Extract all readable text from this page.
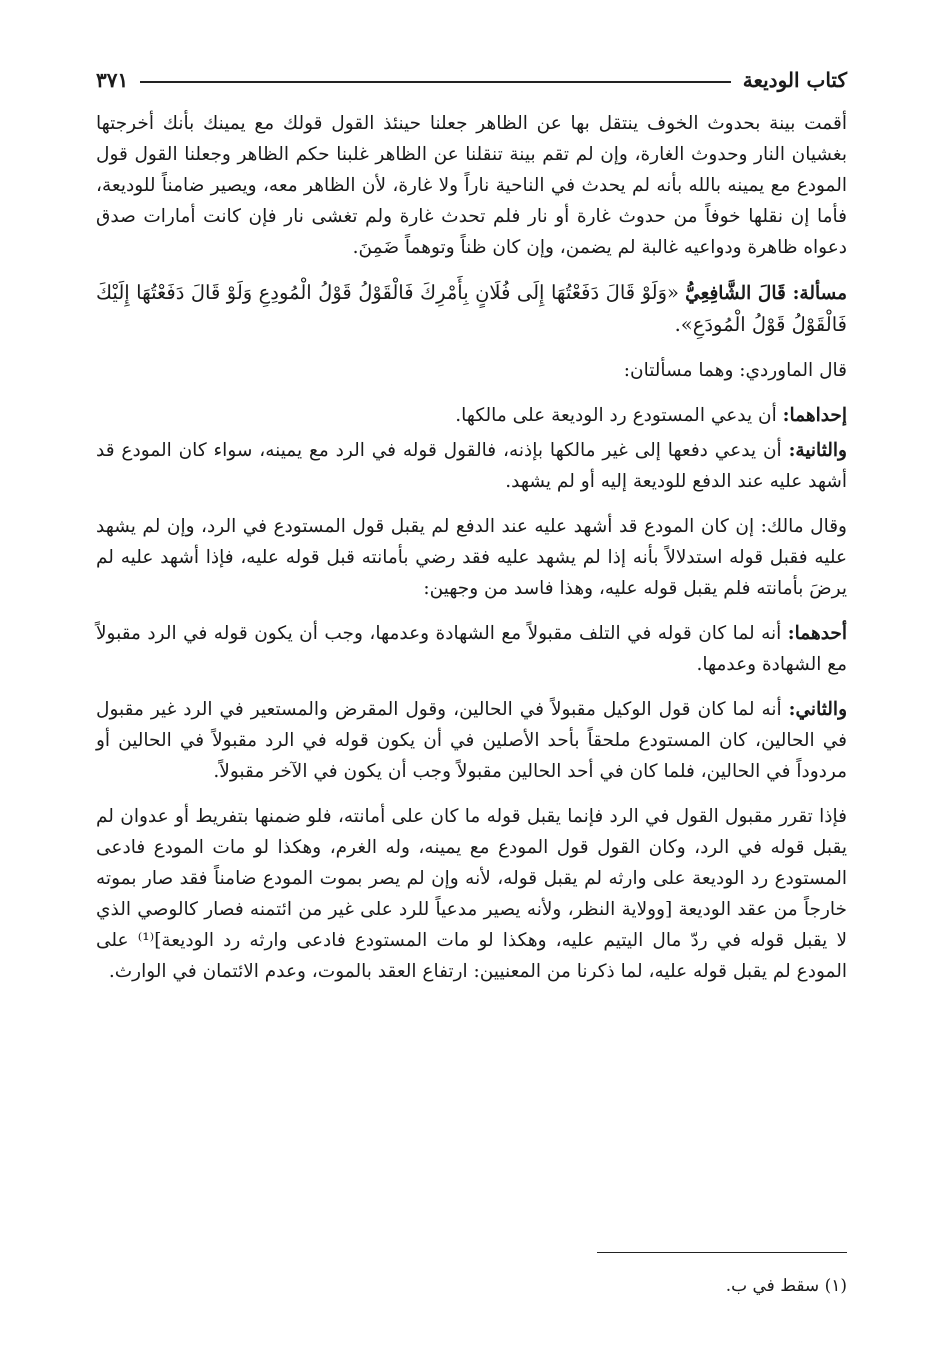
كتاب الوديعة
٣٧١

أقمت بينة بحدوث الخوف ينتقل بها عن الظاهر جعلنا حينئذ القول قولك مع يمينك بأنك أخرجتها بغشيان النار وحدوث الغارة، وإن لم تقم بينة تنقلنا عن الظاهر غلبنا حكم الظاهر وجعلنا القول قول المودع مع يمينه بالله بأنه لم يحدث في الناحية ناراً ولا غارة، لأن الظاهر معه، ويصير ضامناً للوديعة، فأما إن نقلها خوفاً من حدوث غارة أو نار فلم تحدث غارة ولم تغشى نار فإن كانت أمارات صدق دعواه ظاهرة ودواعيه غالبة لم يضمن، وإن كان ظناً وتوهماً ضَمِنَ.

مسألة: قَالَ الشَّافِعِيُّ «وَلَوْ قَالَ دَفَعْتُهَا إِلَى فُلَانٍ بِأَمْرِكَ فَالْقَوْلُ قَوْلُ الْمُودِعِ وَلَوْ قَالَ دَفَعْتُهَا إِلَيْكَ فَالْقَوْلُ قَوْلُ الْمُودَعِ».

قال الماوردي: وهما مسألتان:

إحداهما: أن يدعي المستودع رد الوديعة على مالكها.

والثانية: أن يدعي دفعها إلى غير مالكها بإذنه، فالقول قوله في الرد مع يمينه، سواء كان المودع قد أشهد عليه عند الدفع للوديعة إليه أو لم يشهد.

وقال مالك: إن كان المودع قد أشهد عليه عند الدفع لم يقبل قول المستودع في الرد، وإن لم يشهد عليه فقبل قوله استدلالاً بأنه إذا لم يشهد عليه فقد رضي بأمانته قبل قوله عليه، فإذا أشهد عليه لم يرضَ بأمانته فلم يقبل قوله عليه، وهذا فاسد من وجهين:

أحدهما: أنه لما كان قوله في التلف مقبولاً مع الشهادة وعدمها، وجب أن يكون قوله في الرد مقبولاً مع الشهادة وعدمها.

والثاني: أنه لما كان قول الوكيل مقبولاً في الحالين، وقول المقرض والمستعير في الرد غير مقبول في الحالين، كان المستودع ملحقاً بأحد الأصلين في أن يكون قوله في الرد مقبولاً في الحالين أو مردوداً في الحالين، فلما كان في أحد الحالين مقبولاً وجب أن يكون في الآخر مقبولاً.

فإذا تقرر مقبول القول في الرد فإنما يقبل قوله ما كان على أمانته، فلو ضمنها بتفريط أو عدوان لم يقبل قوله في الرد، وكان القول قول المودع مع يمينه، وله الغرم، وهكذا لو مات المودع فادعى المستودع رد الوديعة على وارثه لم يقبل قوله، لأنه وإن لم يصر بموت المودع ضامناً فقد صار بموته خارجاً من عقد الوديعة [وولاية النظر، ولأنه يصير مدعياً للرد على غير من ائتمنه فصار كالوصي الذي لا يقبل قوله في ردّ مال اليتيم عليه، وهكذا لو مات المستودع فادعى وارثه رد الوديعة]⁽¹⁾ على المودع لم يقبل قوله عليه، لما ذكرنا من المعنيين: ارتفاع العقد بالموت، وعدم الائتمان في الوارث.

(١) سقط في ب.
